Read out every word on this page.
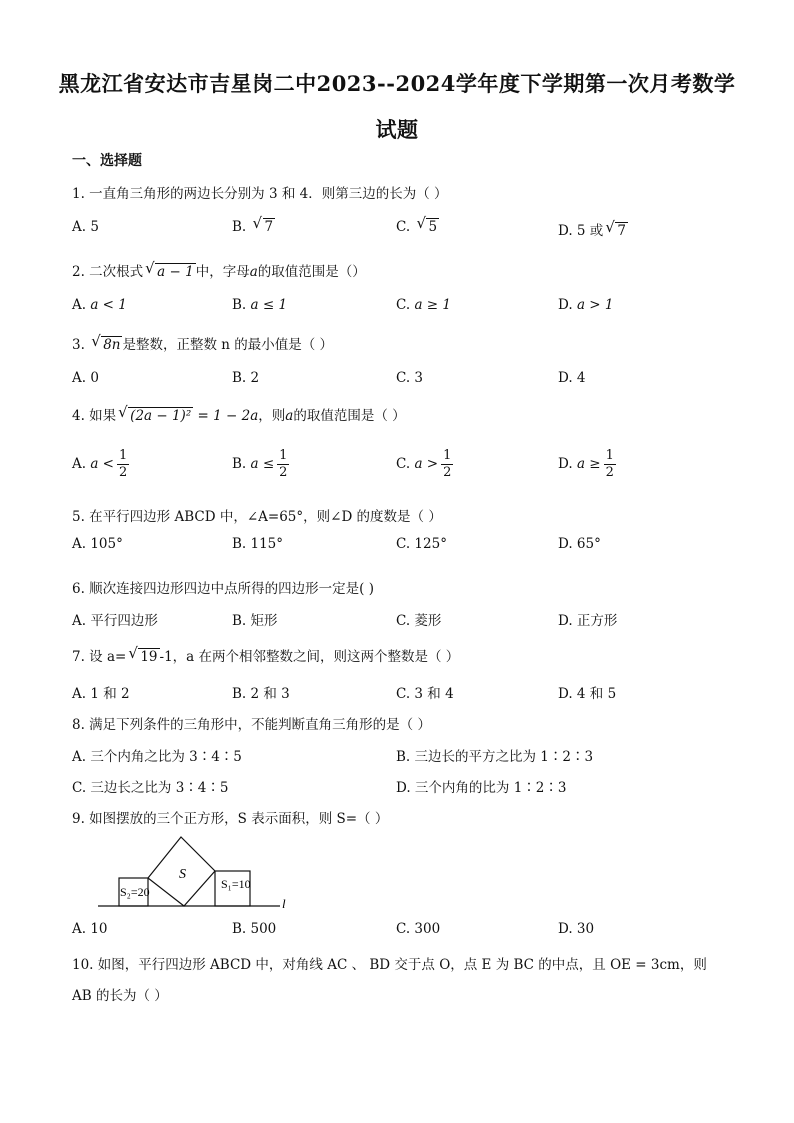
黑龙江省安达市吉星岗二中2023--2024学年度下学期第一次月考数学
试题
一、选择题
1. 一直角三角形的两边长分别为 3 和 4．则第三边的长为（ ）
A. 5	B. √ 7	C. √ 5	D. 5 或 √ 7
2. 二次根式 √ a − 1 中，字母a的取值范围是（）
A. a < 1	B. a ≤ 1	C. a ≥ 1	D. a > 1
3. √ 8n 是整数，正整数 n 的最小值是（ ）
A. 0	B. 2	C. 3	D. 4
4. 如果 √ (2a − 1)² = 1 − 2a，则a的取值范围是（ ）
A. $a < \frac{1}{2}$	B. $a \le \frac{1}{2}$	C. $a > \frac{1}{2}$	D. $a \ge \frac{1}{2}$
5. 在平行四边形 ABCD 中，∠A=65°，则∠D 的度数是（ ）
A. 105°	B. 115°	C. 125°	D. 65°
6. 顺次连接四边形四边中点所得的四边形一定是( )
A. 平行四边形	B. 矩形	C. 菱形	D. 正方形
7. 设 a= √ 19 -1，a 在两个相邻整数之间，则这两个整数是（ ）
A. 1 和 2	B. 2 和 3	C. 3 和 4	D. 4 和 5
8. 满足下列条件的三角形中，不能判断直角三角形的是（ ）
A. 三个内角之比为 3∶4∶5	B. 三边长的平方之比为 1∶2∶3
C. 三边长之比为 3∶4∶5	D. 三个内角的比为 1∶2∶3
9. 如图摆放的三个正方形，S 表示面积，则 S=（ ）
S
S₂=20
S₁=10
l
A. 10	B. 500	C. 300	D. 30
10. 如图，平行四边形 ABCD 中，对角线 AC 、 BD 交于点 O，点 E 为 BC 的中点，且 OE = 3cm，则
AB 的长为（ ）
